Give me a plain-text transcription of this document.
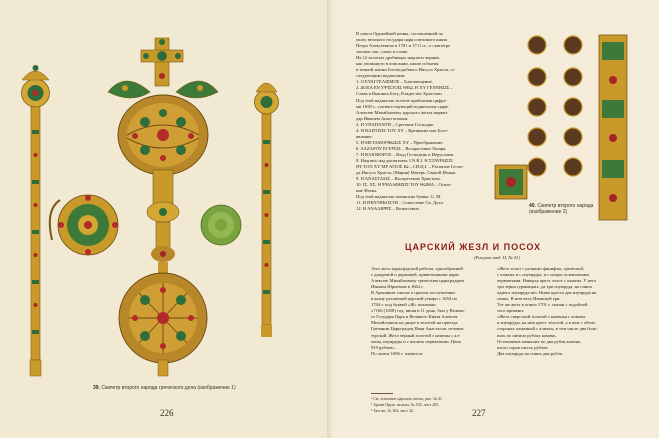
39. Скипетр второго наряда греческого дела (изображение 1)
226
40. Скипетр второго наряда (изображение 2)
227
В описи Оружейной казны, составленной по
указу великого государя царя и великого князя
Петра Алексеевича в 1701 и 1711 гг., о скипетре
сказано так, слово в слово.
На 12 золотых дробницах надписи черные,
как упомянуто в описании, какие события
в земной жизни Богоподобного Иисуса Христа, со
следующими надписями:
1. О ЕΥΑΓΓΕΛΙΣΜΟΣ – Благовещение.
2. ΔΟΞΑ ΕΝ ΥΨΙΣΤΟΙΣ ΘΕΩ, Η ΧΥ ΓΕΝΝΗΣΙΣ –
Слава в Вышних Богу, Рождество Христово.
Под этой надписью золотое арабскими цифра-
ми 1658 г., соответствующий подвесному царю
Алексею Михайловичу царского жезла маркиз
дар Ивашем Анастасовым.
3. Η ΥΠΑΠΑΝΤΗ – Сретение Господне.
4. Η ΒΑΠΤΙΣΙΣ ΤΟΥ ΧΥ – Крещение или Бого-
явление.
5. Η ΜΕΤΑΜΟΡΦΩΣΙΣ ΧΥ – Преображение.
6. ΛΑΖΑΡΟΥ ΕΓΕΡΣΙΣ – Воскресение Лазаря.
7. Η ΒΑΙΟΦΟΡΟΣ – Вход Господень в Иерусалим.
8. Надпись над распятием: I.N.R.I. Η ΣΤΑΥΡΩΣΙΣ
ΘΥ ΤΟΝ ΧΥ ΜΡ ΑΓΙΟΣ ΙΩ – I.H.Ц.I. – Распятие Госпо-
да Иисуса Христа, (Мария) Матерь. Святой Иоанн.
9. Η ΑΝΑΣΤΑΣΙΣ – Воскресение Христово.
10. ΙΣ. ΧΣ. Η ΨΗΛΑΦΗΣΙΣ ΤΟΥ ΘΩΜΑ – Осяза-
ние Фомы.
Под этой надписью латинские буквы: G. M.
11. Η ΠΕΝΤΗΚΟΣΤΗ – Сошествие Св. Духа.
12. Η ΑΝΑΛΗΨΙΣ – Вознесение.
ЦАРСКИЙ ЖЕЗЛ И ПОСОХ
(Рисунок отд. II, № 41)
Этот жезл царьградской работы, однообразной
с диадемой и державой, привезенными царю
Алексею Михайловичу греческим царьградцем
Иваном Юрьевым в 1662 г.
В Архивном списке о прочем поступлении
в казну различной царской утвари с 1654 по
1704 г. под буквой «Ж» показано:
«7166 (1658) год, июня в 11 день, был у Велико-
го Государя Царя и Великого Князя Алексея
Михайловича на дворе в золотой на приезде
Гречанин Царьградец Иван Анастасов, человек
турской. Жезл черный золотой с камены с ал-
мазы, изумруды и с яхонты червчатыми. Цена
919 рублев».
По описи 1696 г. значится:
«Жезл золот с рознами финифты, греческой,
с алмазы и с изумруды, и с искры зеленчатыми
червчатыми. Наверху крест золот с алмазы. У него
три зерна гурмыцких, да три изумруда, на синих
одного изумруда нет. Ниже креста два изумруда на
синях. В нем весу Ивавской грн.
Тот же жезл в описи 1701 г. сказан с подобной
того времени:
«Жезл сверстной золотой с каменья с алмазы
и изумруды, на нем крест золотой, а в нем с обеих
сторонах алмазный с алмазы, в том числе два боль-
ших по пятипо рублях камень.
Оставляешь меньших по два рубля камень,
итого сорок шесть рублев.
Два изумруда на синих два рубля.
¹ См. описание царского жезла, рис. № 41.
² Архив Оруж. палаты, № 150, лист 205.
³ Там же, № 163, лист 32.
